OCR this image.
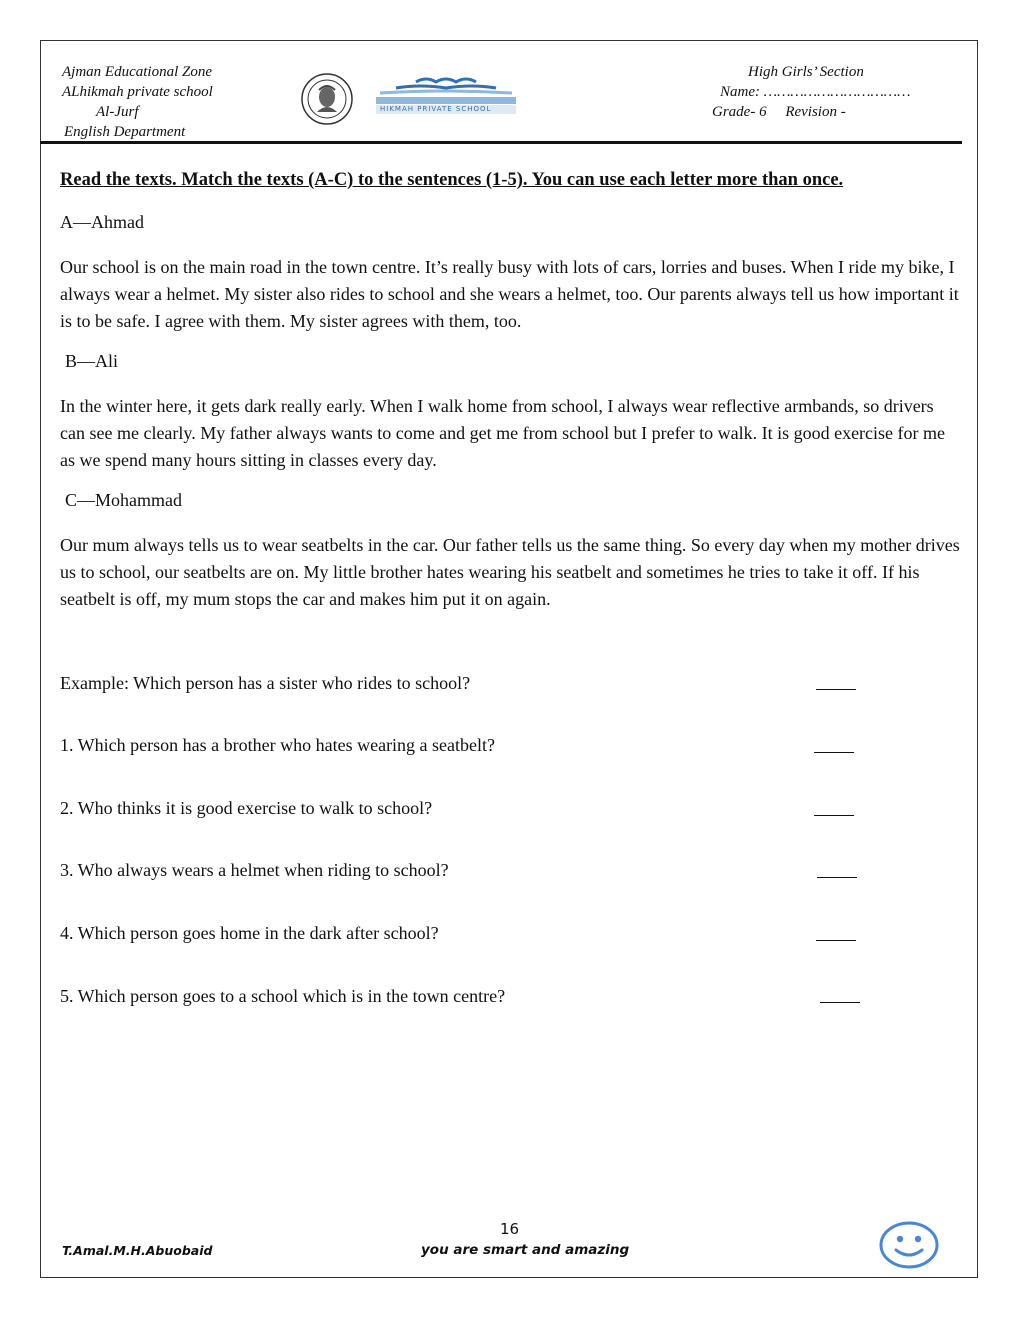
Ajman Educational Zone
ALhikmah private school

Al-Jurf
English Department
HIKMAH PRIVATE SCHOOL
High Girls’ Section
Name: ……………………………
Grade- 6 Revision -
Read the texts. Match the texts (A-C) to the sentences (1-5). You can use each letter more than once.
A—Ahmad
Our school is on the main road in the town centre. It’s really busy with lots of cars, lorries and buses. When I ride my bike, I always wear a helmet. My sister also rides to school and she wears a helmet, too. Our parents always tell us how important it is to be safe. I agree with them. My sister agrees with them, too.
B—Ali
In the winter here, it gets dark really early. When I walk home from school, I always wear reflective armbands, so drivers can see me clearly. My father always wants to come and get me from school but I prefer to walk. It is good exercise for me as we spend many hours sitting in classes every day.
C—Mohammad
Our mum always tells us to wear seatbelts in the car. Our father tells us the same thing. So every day when my mother drives us to school, our seatbelts are on. My little brother hates wearing his seatbelt and sometimes he tries to take it off. If his seatbelt is off, my mum stops the car and makes him put it on again.
Example: Which person has a sister who rides to school?
1. Which person has a brother who hates wearing a seatbelt?
2. Who thinks it is good exercise to walk to school?
3. Who always wears a helmet when riding to school?
4. Which person goes home in the dark after school?
5. Which person goes to a school which is in the town centre?
16
T.Amal.M.H.Abuobaid	you are smart and amazing
